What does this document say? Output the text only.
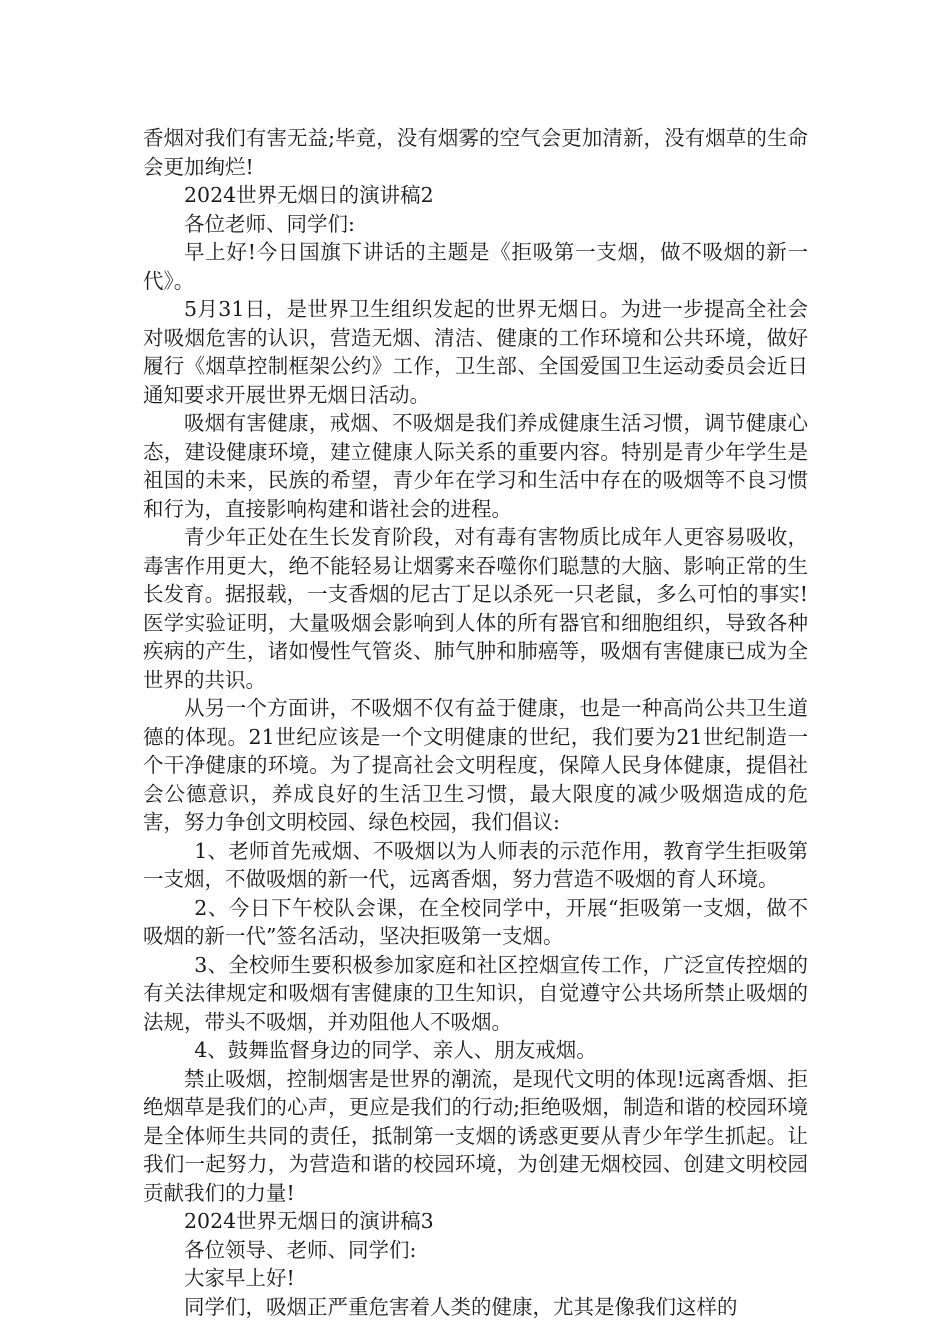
香烟对我们有害无益;毕竟，没有烟雾的空气会更加清新，没有烟草的生命会更加绚烂!

2024世界无烟日的演讲稿2

各位老师、同学们:

早上好!今日国旗下讲话的主题是《拒吸第一支烟，做不吸烟的新一代》。

5月31日，是世界卫生组织发起的世界无烟日。为进一步提高全社会对吸烟危害的认识，营造无烟、清洁、健康的工作环境和公共环境，做好履行《烟草控制框架公约》工作，卫生部、全国爱国卫生运动委员会近日通知要求开展世界无烟日活动。

吸烟有害健康，戒烟、不吸烟是我们养成健康生活习惯，调节健康心态，建设健康环境，建立健康人际关系的重要内容。特别是青少年学生是祖国的未来，民族的希望，青少年在学习和生活中存在的吸烟等不良习惯和行为，直接影响构建和谐社会的进程。

青少年正处在生长发育阶段，对有毒有害物质比成年人更容易吸收，毒害作用更大，绝不能轻易让烟雾来吞噬你们聪慧的大脑、影响正常的生长发育。据报载，一支香烟的尼古丁足以杀死一只老鼠，多么可怕的事实!医学实验证明，大量吸烟会影响到人体的所有器官和细胞组织，导致各种疾病的产生，诸如慢性气管炎、肺气肿和肺癌等，吸烟有害健康已成为全世界的共识。

从另一个方面讲，不吸烟不仅有益于健康，也是一种高尚公共卫生道德的体现。21世纪应该是一个文明健康的世纪，我们要为21世纪制造一个干净健康的环境。为了提高社会文明程度，保障人民身体健康，提倡社会公德意识，养成良好的生活卫生习惯，最大限度的减少吸烟造成的危害，努力争创文明校园、绿色校园，我们倡议:

1、老师首先戒烟、不吸烟以为人师表的示范作用，教育学生拒吸第一支烟，不做吸烟的新一代，远离香烟，努力营造不吸烟的育人环境。

2、今日下午校队会课，在全校同学中，开展“拒吸第一支烟，做不吸烟的新一代”签名活动，坚决拒吸第一支烟。

3、全校师生要积极参加家庭和社区控烟宣传工作，广泛宣传控烟的有关法律规定和吸烟有害健康的卫生知识，自觉遵守公共场所禁止吸烟的法规，带头不吸烟，并劝阻他人不吸烟。

4、鼓舞监督身边的同学、亲人、朋友戒烟。

禁止吸烟，控制烟害是世界的潮流，是现代文明的体现!远离香烟、拒绝烟草是我们的心声，更应是我们的行动;拒绝吸烟，制造和谐的校园环境是全体师生共同的责任，抵制第一支烟的诱惑更要从青少年学生抓起。让我们一起努力，为营造和谐的校园环境，为创建无烟校园、创建文明校园贡献我们的力量!

2024世界无烟日的演讲稿3

各位领导、老师、同学们:

大家早上好!

同学们，吸烟正严重危害着人类的健康，尤其是像我们这样的
